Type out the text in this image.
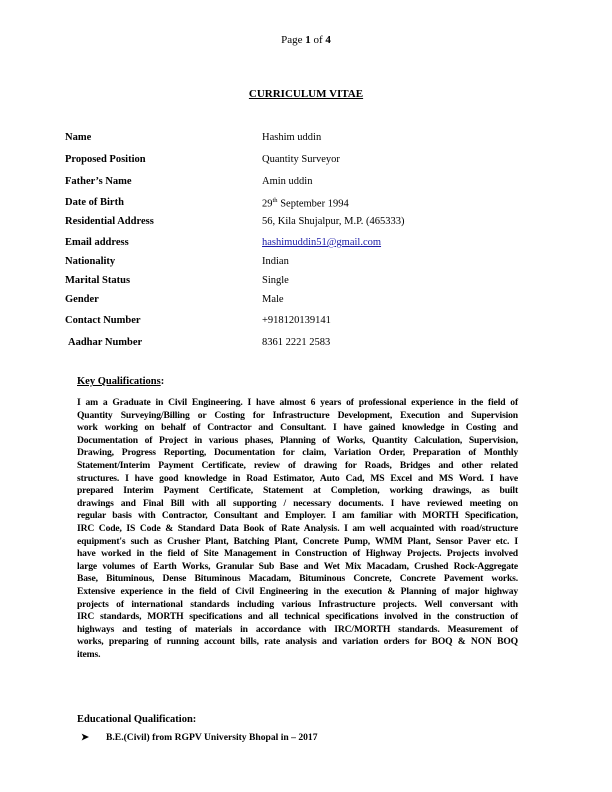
Page 1 of 4
CURRICULUM VITAE
Name	Hashim uddin
Proposed Position	Quantity Surveyor
Father’s Name	Amin uddin
Date of Birth	29th September 1994
Residential Address	56, Kila Shujalpur, M.P. (465333)
Email address	hashimuddin51@gmail.com
Nationality	Indian
Marital Status	Single
Gender	Male
Contact Number	+918120139141
Aadhar Number	8361 2221 2583
Key Qualifications:
I am a Graduate in Civil Engineering. I have almost 6 years of professional experience in the field of
Quantity Surveying/Billing or Costing for Infrastructure Development, Execution and Supervision
work working on behalf of Contractor and Consultant. I have gained knowledge in Costing and
Documentation of Project in various phases, Planning of Works, Quantity Calculation, Supervision,
Drawing, Progress Reporting, Documentation for claim, Variation Order, Preparation of Monthly
Statement/Interim Payment Certificate, review of drawing for Roads, Bridges and other related
structures. I have good knowledge in Road Estimator, Auto Cad, MS Excel and MS Word. I have
prepared Interim Payment Certificate, Statement at Completion, working drawings, as built
drawings and Final Bill with all supporting / necessary documents. I have reviewed meeting on
regular basis with Contractor, Consultant and Employer. I am familiar with MORTH Specification,
IRC Code, IS Code & Standard Data Book of Rate Analysis. I am well acquainted with road/structure
equipment's such as Crusher Plant, Batching Plant, Concrete Pump, WMM Plant, Sensor Paver etc. I
have worked in the field of Site Management in Construction of Highway Projects. Projects involved
large volumes of Earth Works, Granular Sub Base and Wet Mix Macadam, Crushed Rock-Aggregate
Base, Bituminous, Dense Bituminous Macadam, Bituminous Concrete, Concrete Pavement works.
Extensive experience in the field of Civil Engineering in the execution & Planning of major highway
projects of international standards including various Infrastructure projects. Well conversant with
IRC standards, MORTH specifications and all technical specifications involved in the construction of
highways and testing of materials in accordance with IRC/MORTH standards. Measurement of
works, preparing of running account bills, rate analysis and variation orders for BOQ & NON BOQ
items.
Educational Qualification:
➤ B.E.(Civil) from RGPV University Bhopal in – 2017
